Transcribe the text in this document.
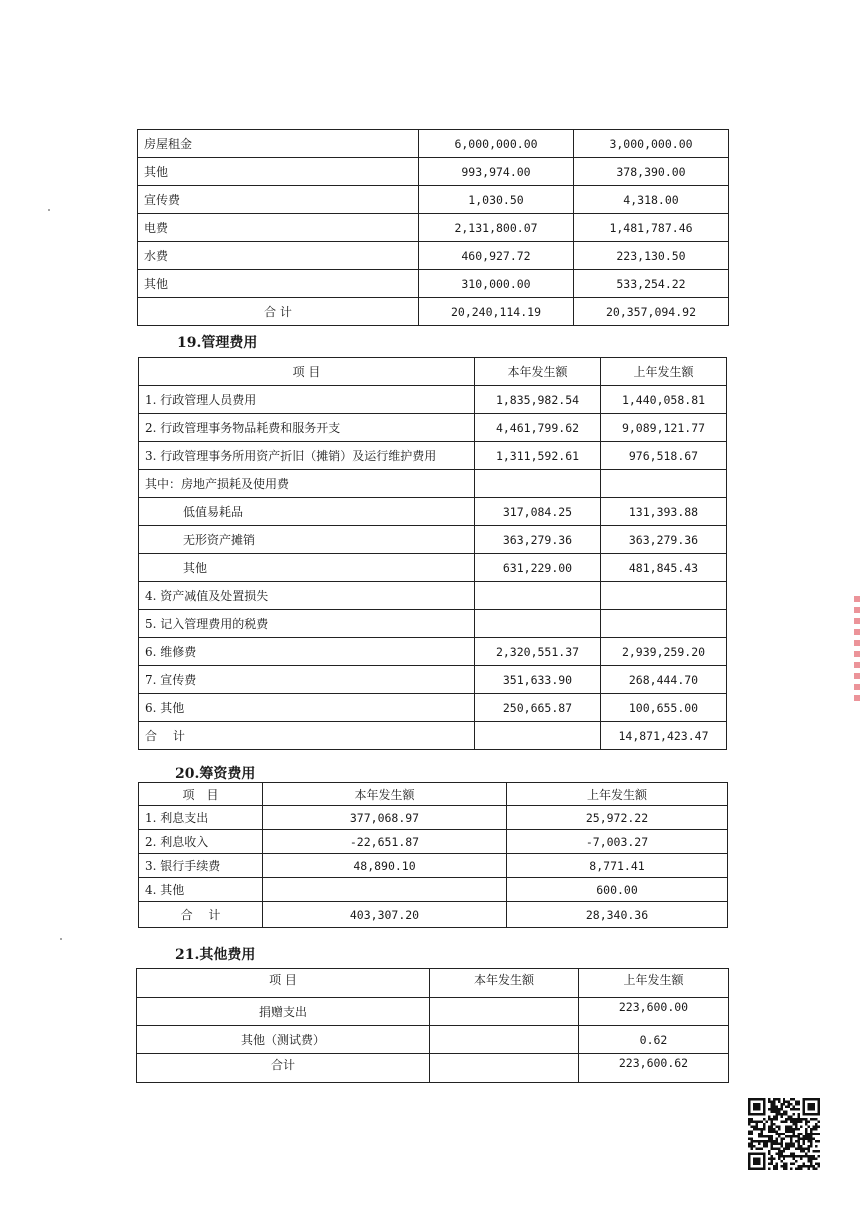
房屋租金	6,000,000.00	3,000,000.00
其他	993,974.00	378,390.00
宣传费	1,030.50	4,318.00
电费	2,131,800.07	1,481,787.46
水费	460,927.72	223,130.50
其他	310,000.00	533,254.22
合 计	20,240,114.19	20,357,094.92
19.管理费用
项 目	本年发生额	上年发生额
1. 行政管理人员费用	1,835,982.54	1,440,058.81
2. 行政管理事务物品耗费和服务开支	4,461,799.62	9,089,121.77
3. 行政管理事务所用资产折旧（摊销）及运行维护费用	1,311,592.61	976,518.67
其中：房地产损耗及使用费		
低值易耗品	317,084.25	131,393.88
无形资产摊销	363,279.36	363,279.36
其他	631,229.00	481,845.43
4. 资产减值及处置损失		
5. 记入管理费用的税费		
6. 维修费	2,320,551.37	2,939,259.20
7. 宣传费	351,633.90	268,444.70
6. 其他	250,665.87	100,655.00
合　 计		14,871,423.47
20.筹资费用
项　目	本年发生额	上年发生额
1. 利息支出	377,068.97	25,972.22
2. 利息收入	-22,651.87	-7,003.27
3. 银行手续费	48,890.10	8,771.41
4. 其他		600.00
合　 计	403,307.20	28,340.36
21.其他费用
项 目	本年发生额	上年发生额
捐赠支出		223,600.00
其他（测试费）		0.62
合计		223,600.62
